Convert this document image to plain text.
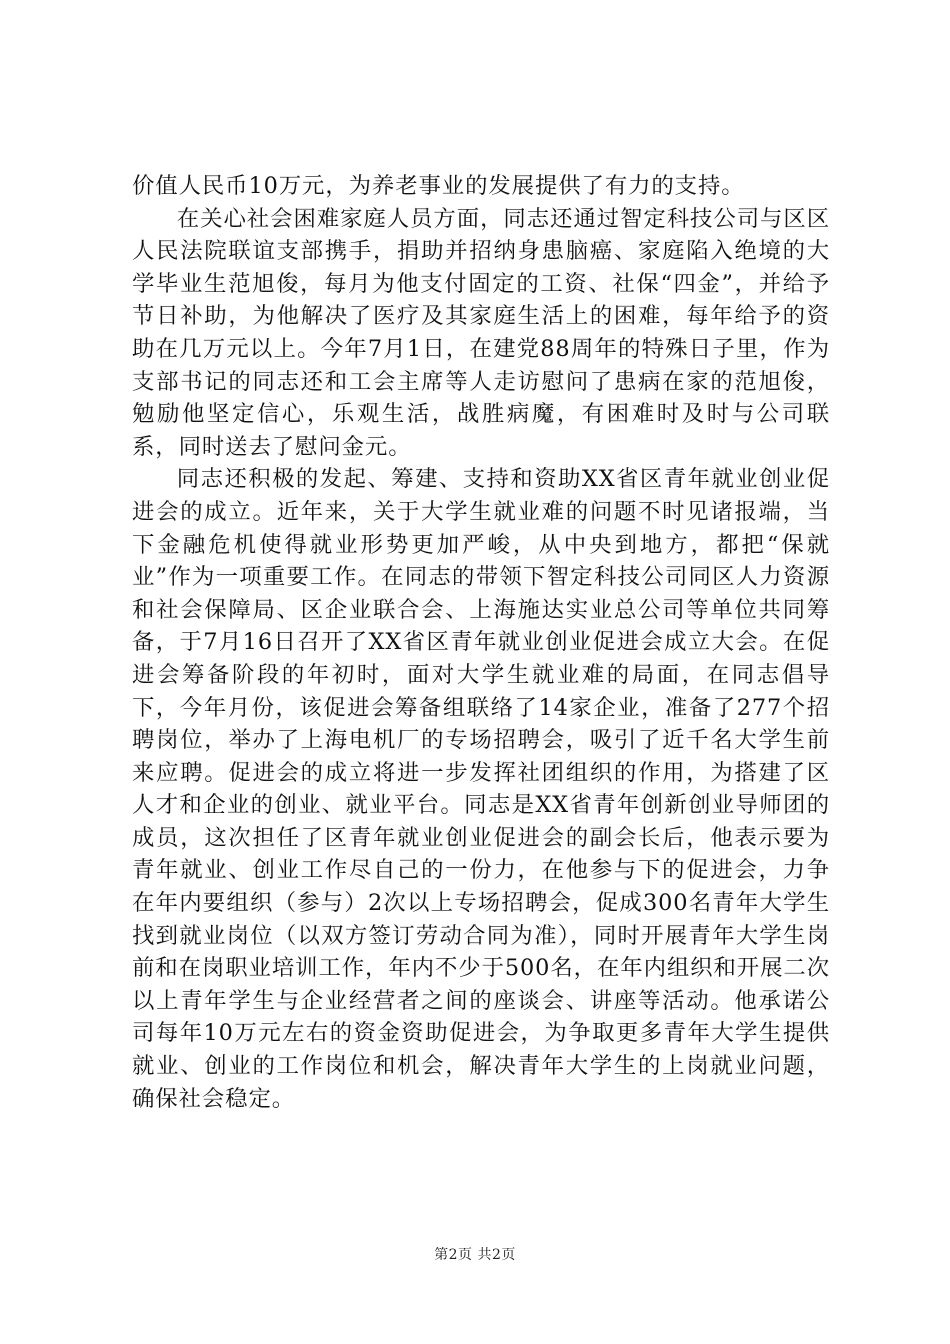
价值人民币10万元，为养老事业的发展提供了有力的支持。

在关心社会困难家庭人员方面，同志还通过智定科技公司与区区人民法院联谊支部携手，捐助并招纳身患脑癌、家庭陷入绝境的大学毕业生范旭俊，每月为他支付固定的工资、社保“四金”，并给予节日补助，为他解决了医疗及其家庭生活上的困难，每年给予的资助在几万元以上。今年7月1日，在建党88周年的特殊日子里，作为支部书记的同志还和工会主席等人走访慰问了患病在家的范旭俊，勉励他坚定信心，乐观生活，战胜病魔，有困难时及时与公司联系，同时送去了慰问金元。

同志还积极的发起、筹建、支持和资助XX省区青年就业创业促进会的成立。近年来，关于大学生就业难的问题不时见诸报端，当下金融危机使得就业形势更加严峻，从中央到地方，都把“保就业”作为一项重要工作。在同志的带领下智定科技公司同区人力资源和社会保障局、区企业联合会、上海施达实业总公司等单位共同筹备，于7月16日召开了XX省区青年就业创业促进会成立大会。在促进会筹备阶段的年初时，面对大学生就业难的局面，在同志倡导下，今年月份，该促进会筹备组联络了14家企业，准备了277个招聘岗位，举办了上海电机厂的专场招聘会，吸引了近千名大学生前来应聘。促进会的成立将进一步发挥社团组织的作用，为搭建了区人才和企业的创业、就业平台。同志是XX省青年创新创业导师团的成员，这次担任了区青年就业创业促进会的副会长后，他表示要为青年就业、创业工作尽自己的一份力，在他参与下的促进会，力争在年内要组织（参与）2次以上专场招聘会，促成300名青年大学生找到就业岗位（以双方签订劳动合同为准），同时开展青年大学生岗前和在岗职业培训工作，年内不少于500名，在年内组织和开展二次以上青年学生与企业经营者之间的座谈会、讲座等活动。他承诺公司每年10万元左右的资金资助促进会，为争取更多青年大学生提供就业、创业的工作岗位和机会，解决青年大学生的上岗就业问题，确保社会稳定。

第2页 共2页
